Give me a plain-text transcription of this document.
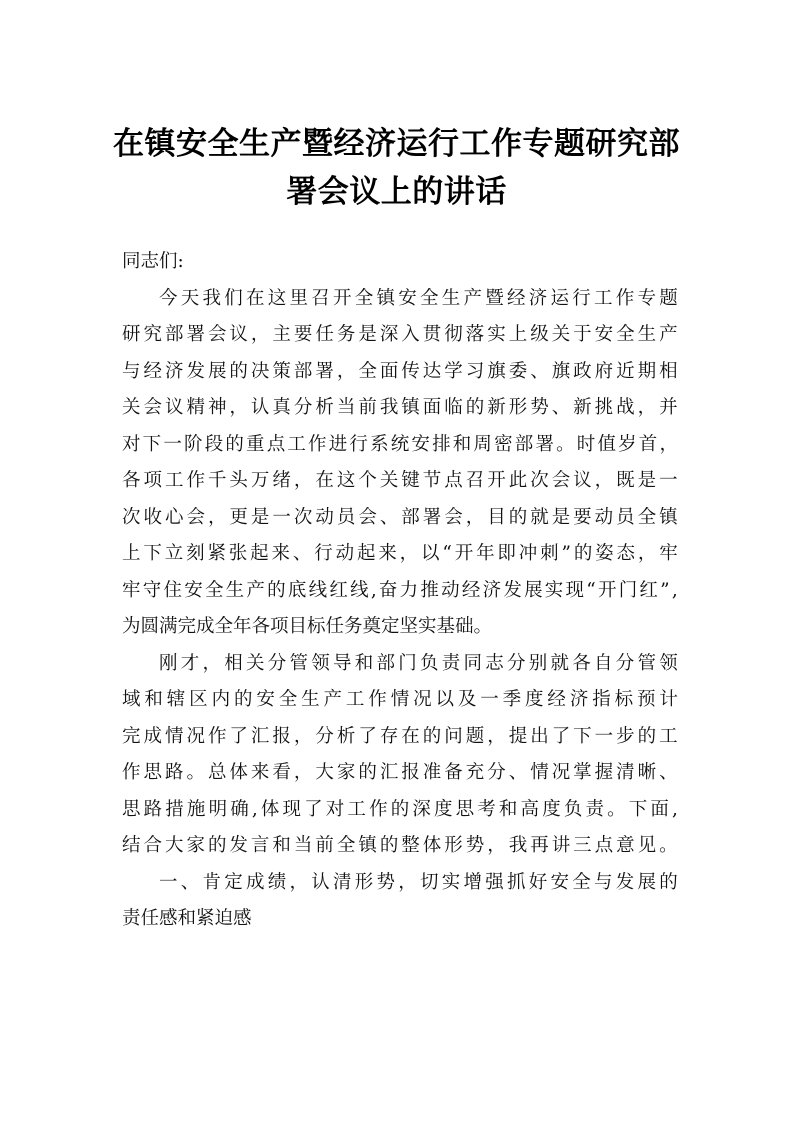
在镇安全生产暨经济运行工作专题研究部
署会议上的讲话
同志们:
今 天 我 们 在 这 里 召 开 全 镇 安 全 生 产 暨 经 济 运 行 工 作 专 题
研 究 部 署 会 议 ， 主 要 任 务 是 深 入 贯 彻 落 实 上 级 关 于 安 全 生 产
与 经 济 发 展 的 决 策 部 署 ， 全 面 传 达 学 习 旗 委 、 旗 政 府 近 期 相
关 会 议 精 神 ， 认 真 分 析 当 前 我 镇 面 临 的 新 形 势 、 新 挑 战 ， 并
对 下 一 阶 段 的 重 点 工 作 进 行 系 统 安 排 和 周 密 部 署 。 时 值 岁 首 ，
各 项 工 作 千 头 万 绪 ， 在 这 个 关 键 节 点 召 开 此 次 会 议 ， 既 是 一
次 收 心 会 ， 更 是 一 次 动 员 会 、 部 署 会 ， 目 的 就 是 要 动 员 全 镇
上 下 立 刻 紧 张 起 来 、 行 动 起 来 ， 以 “ 开 年 即 冲 刺 ” 的 姿 态 ， 牢
牢 守 住 安 全 生 产 的 底 线 红 线 , 奋 力 推 动 经 济 发 展 实 现 “ 开 门 红 ” ,
为圆满完成全年各项目标任务奠定坚实基础。
刚 才 ， 相 关 分 管 领 导 和 部 门 负 责 同 志 分 别 就 各 自 分 管 领
域 和 辖 区 内 的 安 全 生 产 工 作 情 况 以 及 一 季 度 经 济 指 标 预 计
完 成 情 况 作 了 汇 报 ， 分 析 了 存 在 的 问 题 ， 提 出 了 下 一 步 的 工
作 思 路 。 总 体 来 看 ， 大 家 的 汇 报 准 备 充 分 、 情 况 掌 握 清 晰 、
思 路 措 施 明 确 , 体 现 了 对 工 作 的 深 度 思 考 和 高 度 负 责 。 下 面 ,
结 合 大 家 的 发 言 和 当 前 全 镇 的 整 体 形 势 ， 我 再 讲 三 点 意 见 。
一 、 肯 定 成 绩 ， 认 清 形 势 ， 切 实 增 强 抓 好 安 全 与 发 展 的
责任感和紧迫感
